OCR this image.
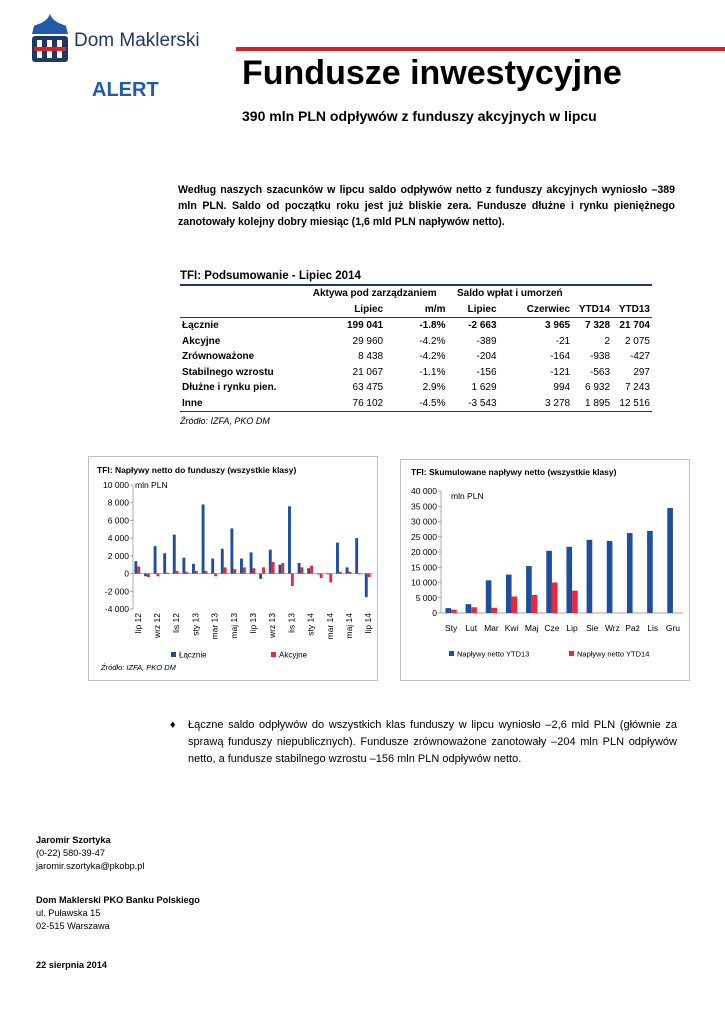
Dom Maklerski
ALERT Fundusze inwestycyjne
390 mln PLN odpływów z funduszy akcyjnych w lipcu
Według naszych szacunków w lipcu saldo odpływów netto z funduszy akcyjnych wyniosło –389 mln PLN. Saldo od początku roku jest już bliskie zera. Fundusze dłużne i rynku pieniężnego zanotowały kolejny dobry miesiąc (1,6 mld PLN napływów netto).
TFI: Podsumowanie - Lipiec 2014
	Aktywa pod zarządzaniem		Saldo wpłat i umorzeń			
	Lipiec	m/m	Lipiec	Czerwiec	YTD14	YTD13
Łącznie	199 041	-1.8%	-2 663	3 965	7 328	21 704
Akcyjne	29 960	-4.2%	-389	-21	2	2 075
Zrównoważone	8 438	-4.2%	-204	-164	-938	-427
Stabilnego wzrostu	21 067	-1.1%	-156	-121	-563	297
Dłużne i rynku pien.	63 475	2.9%	1 629	994	6 932	7 243
Inne	76 102	-4.5%	-3 543	3 278	1 895	12 516
Źródło: IZFA, PKO DM
TFI: Napływy netto do funduszy (wszystkie klasy)
mln PLN
10 000
8 000
6 000
4 000
2 000
0
-2 000
-4 000
lip 12 wrz 12 lis 12 sty 13 mar 13 maj 13 lip 13 wrz 13 lis 13 sty 14 mar 14 maj 14 lip 14
Łącznie	Akcyjne
Źródło: IZFA, PKO DM
TFI: Skumulowane napływy netto (wszystkie klasy)
mln PLN
40 000
35 000
30 000
25 000
20 000
15 000
10 000
5 000
0
Sty Lut Mar Kwi Maj Cze Lip Sie Wrz Paź Lis Gru
Napływy netto YTD13	Napływy netto YTD14
♦ Łączne saldo odpływów do wszystkich klas funduszy w lipcu wyniosło –2,6 mld PLN (głównie za sprawą funduszy niepublicznych). Fundusze zrównoważone zanotowały –204 mln PLN odpływów netto, a fundusze stabilnego wzrostu –156 mln PLN odpływów netto.
Jaromir Szortyka
(0-22) 580-39-47
jaromir.szortyka@pkobp.pl
Dom Maklerski PKO Banku Polskiego
ul. Puławska 15
02-515 Warszawa
22 sierpnia 2014
